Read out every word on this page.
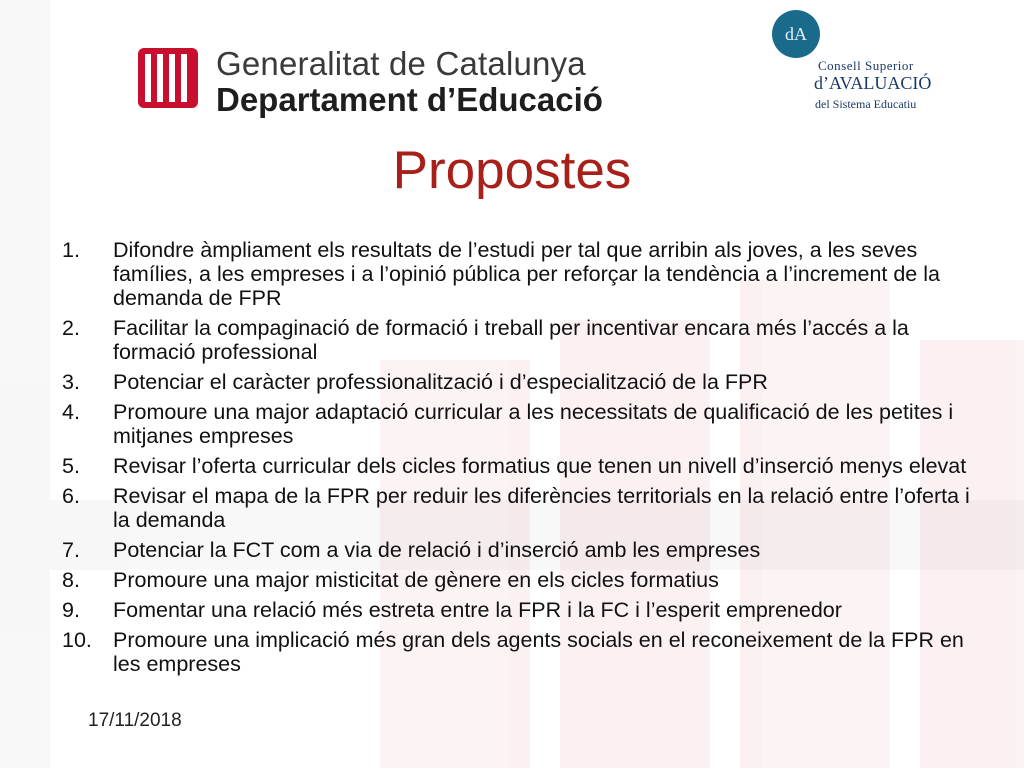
Generalitat de Catalunya
Departament d’Educació
dA
Consell Superior
d’AVALUACIÓ
del Sistema Educatiu
Propostes
1. Difondre àmpliament els resultats de l’estudi per tal que arribin als joves, a les seves famílies, a les empreses i a l’opinió pública per reforçar la tendència a l’increment de la demanda de FPR
2. Facilitar la compaginació de formació i treball per incentivar encara més l’accés a la formació professional
3. Potenciar el caràcter professionalització i d’especialització de la FPR
4. Promoure una major adaptació curricular a les necessitats de qualificació de les petites i mitjanes empreses
5. Revisar l’oferta curricular dels cicles formatius que tenen un nivell d’inserció menys elevat
6. Revisar el mapa de la FPR per reduir les diferències territorials en la relació entre l’oferta i la demanda
7. Potenciar la FCT com a via de relació i d’inserció amb les empreses
8. Promoure una major misticitat de gènere en els cicles formatius
9. Fomentar una relació més estreta entre la FPR i la FC i l’esperit emprenedor
10. Promoure una implicació més gran dels agents socials en el reconeixement de la FPR en les empreses
17/11/2018
